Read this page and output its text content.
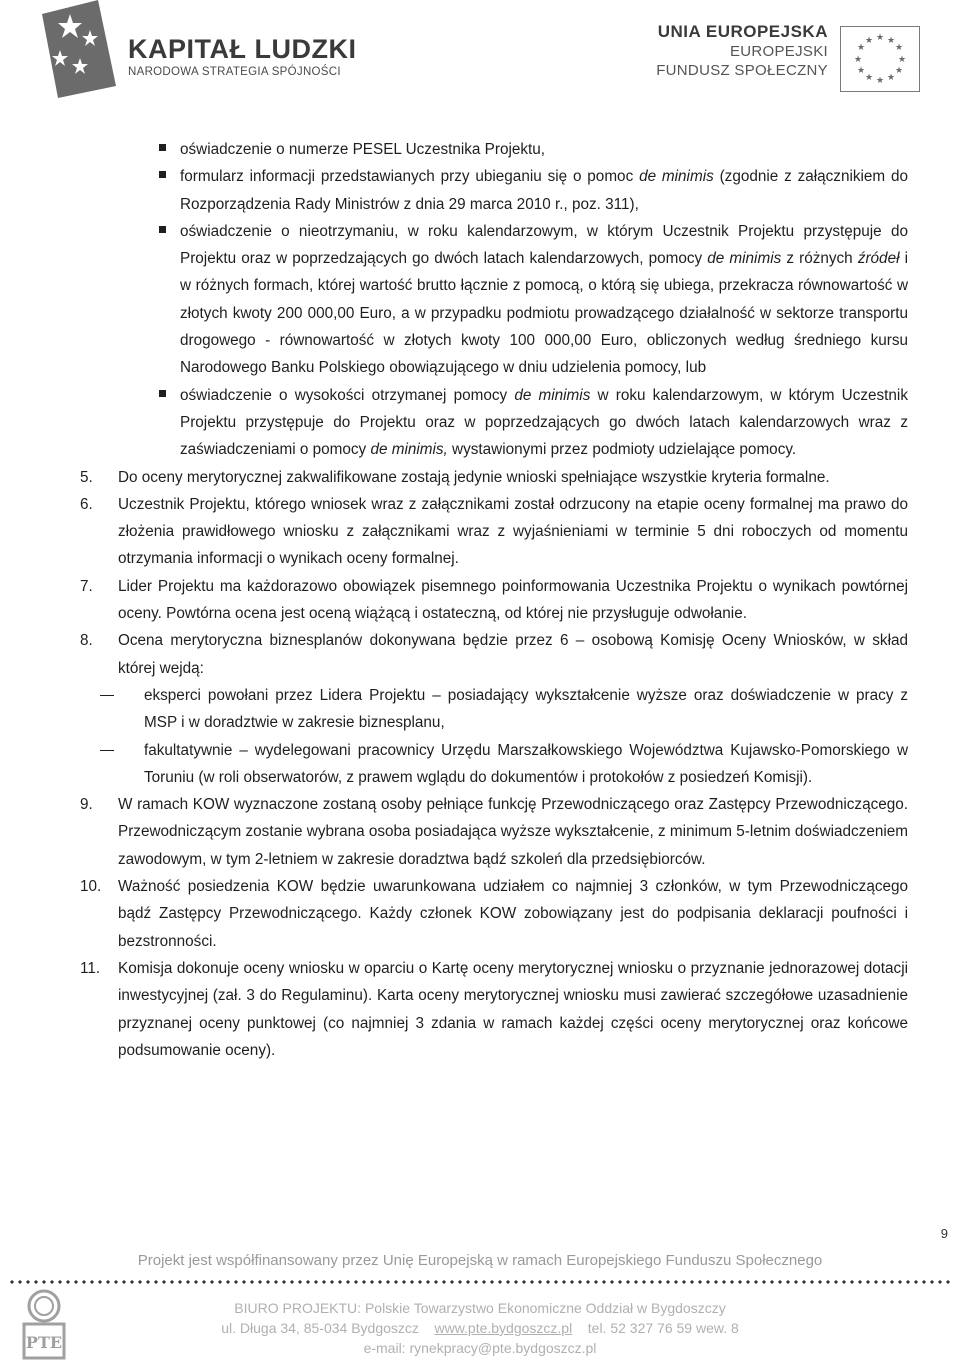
KAPITAŁ LUDZKI
NARODOWA STRATEGIA SPÓJNOŚCI
UNIA EUROPEJSKA
EUROPEJSKI
FUNDUSZ SPOŁECZNY
★ ★
★
★
★
★
★
★
★
★
★
★
oświadczenie o numerze PESEL Uczestnika Projektu,
formularz informacji przedstawianych przy ubieganiu się o pomoc de minimis (zgodnie z załącznikiem do Rozporządzenia Rady Ministrów z dnia 29 marca 2010 r., poz. 311),
oświadczenie o nieotrzymaniu, w roku kalendarzowym, w którym Uczestnik Projektu przystępuje do Projektu oraz w poprzedzających go dwóch latach kalendarzowych, pomocy de minimis z różnych źródeł i w różnych formach, której wartość brutto łącznie z pomocą, o którą się ubiega, przekracza równowartość w złotych kwoty 200 000,00 Euro, a w przypadku podmiotu prowadzącego działalność w sektorze transportu drogowego - równowartość w złotych kwoty 100 000,00 Euro, obliczonych według średniego kursu Narodowego Banku Polskiego obowiązującego w dniu udzielenia pomocy, lub
oświadczenie o wysokości otrzymanej pomocy de minimis w roku kalendarzowym, w którym Uczestnik Projektu przystępuje do Projektu oraz w poprzedzających go dwóch latach kalendarzowych wraz z zaświadczeniami o pomocy de minimis, wystawionymi przez podmioty udzielające pomocy.
5. Do oceny merytorycznej zakwalifikowane zostają jedynie wnioski spełniające wszystkie kryteria formalne.
6. Uczestnik Projektu, którego wniosek wraz z załącznikami został odrzucony na etapie oceny formalnej ma prawo do złożenia prawidłowego wniosku z załącznikami wraz z wyjaśnieniami w terminie 5 dni roboczych od momentu otrzymania informacji o wynikach oceny formalnej.
7. Lider Projektu ma każdorazowo obowiązek pisemnego poinformowania Uczestnika Projektu o wynikach powtórnej oceny. Powtórna ocena jest oceną wiążącą i ostateczną, od której nie przysługuje odwołanie.
8. Ocena merytoryczna biznesplanów dokonywana będzie przez 6 – osobową Komisję Oceny Wniosków, w skład której wejdą:
eksperci powołani przez Lidera Projektu – posiadający wykształcenie wyższe oraz doświadczenie w pracy z MSP i w doradztwie w zakresie biznesplanu,
fakultatywnie – wydelegowani pracownicy Urzędu Marszałkowskiego Województwa Kujawsko-Pomorskiego w Toruniu (w roli obserwatorów, z prawem wglądu do dokumentów i protokołów z posiedzeń Komisji).
9. W ramach KOW wyznaczone zostaną osoby pełniące funkcję Przewodniczącego oraz Zastępcy Przewodniczącego. Przewodniczącym zostanie wybrana osoba posiadająca wyższe wykształcenie, z minimum 5-letnim doświadczeniem zawodowym, w tym 2-letniem w zakresie doradztwa bądź szkoleń dla przedsiębiorców.
10. Ważność posiedzenia KOW będzie uwarunkowana udziałem co najmniej 3 członków, w tym Przewodniczącego bądź Zastępcy Przewodniczącego. Każdy członek KOW zobowiązany jest do podpisania deklaracji poufności i bezstronności.
11. Komisja dokonuje oceny wniosku w oparciu o Kartę oceny merytorycznej wniosku o przyznanie jednorazowej dotacji inwestycyjnej (zał. 3 do Regulaminu). Karta oceny merytorycznej wniosku musi zawierać szczegółowe uzasadnienie przyznanej oceny punktowej (co najmniej 3 zdania w ramach każdej części oceny merytorycznej oraz końcowe podsumowanie oceny).
9
Projekt jest współfinansowany przez Unię Europejską w ramach Europejskiego Funduszu Społecznego
PTE
BIURO PROJEKTU: Polskie Towarzystwo Ekonomiczne Oddział w Bygdoszczy
ul. Długa 34, 85-034 Bydgoszcz www.pte.bydgoszcz.pl tel. 52 327 76 59 wew. 8
e-mail: rynekpracy@pte.bydgoszcz.pl
